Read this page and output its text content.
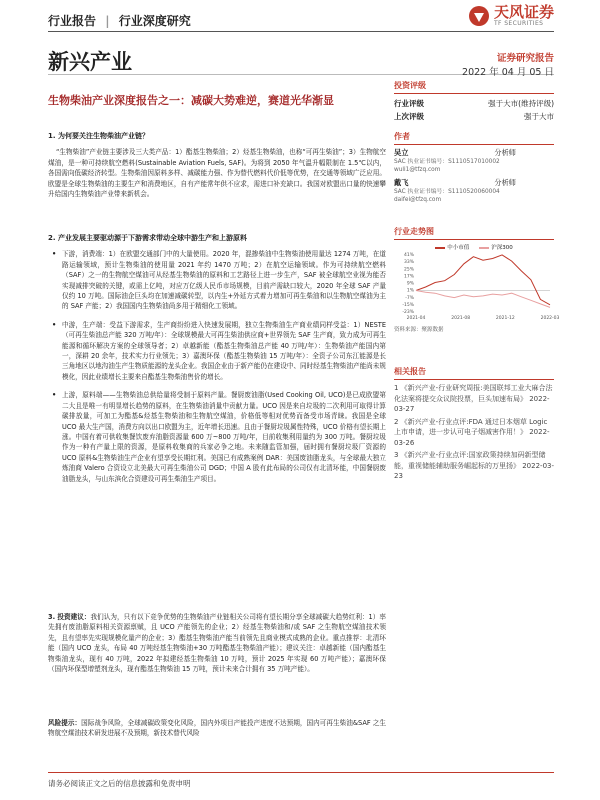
行业报告 | 行业深度研究	天风证券
TF SECURITIES
新兴产业	证券研究报告
2022 年 04 月 05 日
生物柴油产业深度报告之一：减碳大势难逆，赛道光华渐显

1. 为何要关注生物柴油产业链？

“生物柴油”产业链主要涉及三大类产品：1）酯基生物柴油；2）烃基生物柴油，也称“可再生柴油”；3）生物航空煤油，是一种可持续航空燃料(Sustainable Aviation Fuels, SAF)。为将到 2050 年气温升幅限制在 1.5℃以内，各国需向低碳经济转型。生物柴油因原料多样、减碳能力强、作为替代燃料代价低等优势，在交通等领域广泛应用。欧盟是全球生物柴油的主要生产和消费地区，自有产能常年供不应求，需进口补充缺口。我国对欧盟出口量的快速攀升给国内生物柴油产业带来新机会。

2. 产业发展主要驱动源于下游需求带动全球中游生产和上游原料

• 下游，消费端：1）在欧盟交通部门中的大量使用。2020 年，混掺柴油中生物柴油使用量达 1274 万吨，在道路运输领域，预计生物柴油的使用量 2021 年约 1470 万吨；2）在航空运输领域。作为可持续航空燃料（SAF）之一的生物航空煤油可从经基生物柴油的原料和工艺路径上进一步生产，SAF 被全球航空业视为能否实现减排突破的关键，或需上亿吨，对应万亿级人民币市场规模，目前产需缺口较大，2020 年全球 SAF 产量仅约 10 万吨。国际油企巨头均在加速减碳转型，以内生+外延方式着力增加可再生柴油和以生物航空煤油为主的 SAF 产能；2）我国国内生物柴油尚多用于精细化工领域。

• 中游，生产端：受益下游需求，生产商纷纷进入快速发展期，独立生物柴油生产商业绩同样受益：1）NESTE（可再生柴油总产能 320 万吨/年）：全球规模最大可再生柴油供应商+世界领先 SAF 生产商，致力成为可再生能源和循环解决方案的全球领导者；2）卓越新能（酯基生物柴油总产能 40 万吨/年）：生物柴油产能国内第一，深耕 20 余年，技术实力行业领先；3）嘉澳环保（酯基生物柴油 15 万吨/年）：全资子公司东江能源是长三角地区以地沟油生产生物质能源的龙头企业。我国企业由于新产能仍在建设中、同时经基生物柴油产能尚未规模化，因此业绩增长主要来自酯基生物柴油售价的增长。

• 上游，原料端——生物柴油总供给量将受制于原料产量。餐厨废油脂(Used Cooking Oil, UCO)是已成欧盟第二大且是唯一有明显增长趋势的原料，在生物柴油消量中贡献力量。UCO 因是来自垃圾的二次利用可取得计算碳排放量，可加工为酯基&烃基生物柴油和生物航空煤油，价格低等相对优势而备受市场青睐。我国是全球 UCO 最大生产国，消费方向以出口欧盟为主，近年增长迅速。且由于餐厨垃圾属性特殊，UCO 价格有望长期上涨。中国有着可供收集餐饮废弃油脂资源量 600 万~800 万吨/年，目前收集利用量约为 300 万吨。餐厨垃圾作为一种有产量上限的资源，是原料收集商的兵家必争之地。未来随监管加强，届时拥有餐厨垃圾厂资源的 UCO 原料&生物柴油生产企业有望享受长期红利。美国已有成熟案例 DAR：美国废油脂龙头，与全球最大独立炼油商 Valero 合资设立北美最大可再生柴油公司 DGD；中国 A 股有此布局的公司仅有北清环能，中国餐厨废油脂龙头，与山东滨化合资建设可再生柴油生产项目。

3. 投资建议：我们认为，只有以下竞争优势的生物柴油产业链相关公司将有望长期分享全球减碳大趋势红利：1）率先拥有废油脂原料相关资源禀赋，且 UCO 产能领先的企业；2）经基生物柴油和/或 SAF 之生物航空煤油技术领先，且有望率先实现规模化量产的企业；3）酯基生物柴油产能当前领先且商业模式成熟的企业。重点推荐：北清环能（国内 UCO 龙头，布局 40 万吨经基生物柴油+30 万吨酯基生物柴油产能）；建议关注：卓越新能（国内酯基生物柴油龙头，现有 40 万吨，2022 年拟建经基生物柴油 10 万吨，预计 2025 年实现 60 万吨产能）；嘉澳环保（国内环保型增塑剂龙头，现有酯基生物柴油 15 万吨，预计未来合计拥有 35 万吨产能）。

风险提示：国际战争风险，全球减碳政策变化风险，国内外项目产能投产进度不达预期，国内可再生柴油&SAF 之生物航空煤油技术研发进展不及预期，新技术替代风险

投资评级
行业评级	强于大市(维持评级)
上次评级	强于大市
作者
吴立	分析师
SAC 执业证书编号：S1110517010002
wuli1@tfzq.com
戴飞	分析师
SAC 执业证书编号：S1110520060004
daifei@tfzq.com
行业走势图
中小市值	沪深300
41%
33%
25%
17%
9%
1%
-7%
-15%
-23%
2021-04	2021-08	2021-12	2022-03
资料来源：聚源数据
相关报告
1 《新兴产业-行业研究周报:美国联邦工业大麻合法化法案将提交众议院投票，巨头加速布局》 2022-03-27
2 《新兴产业-行业点评:FDA 通过日本烟草 Logic 上市申请，进一步认可电子烟减害作用！》 2022-03-26
3 《新兴产业-行业点评:国家政策持续加码新型储能，重视储能辅助服务崛起标的万里扬》 2022-03-23
请务必阅读正文之后的信息披露和免责申明
